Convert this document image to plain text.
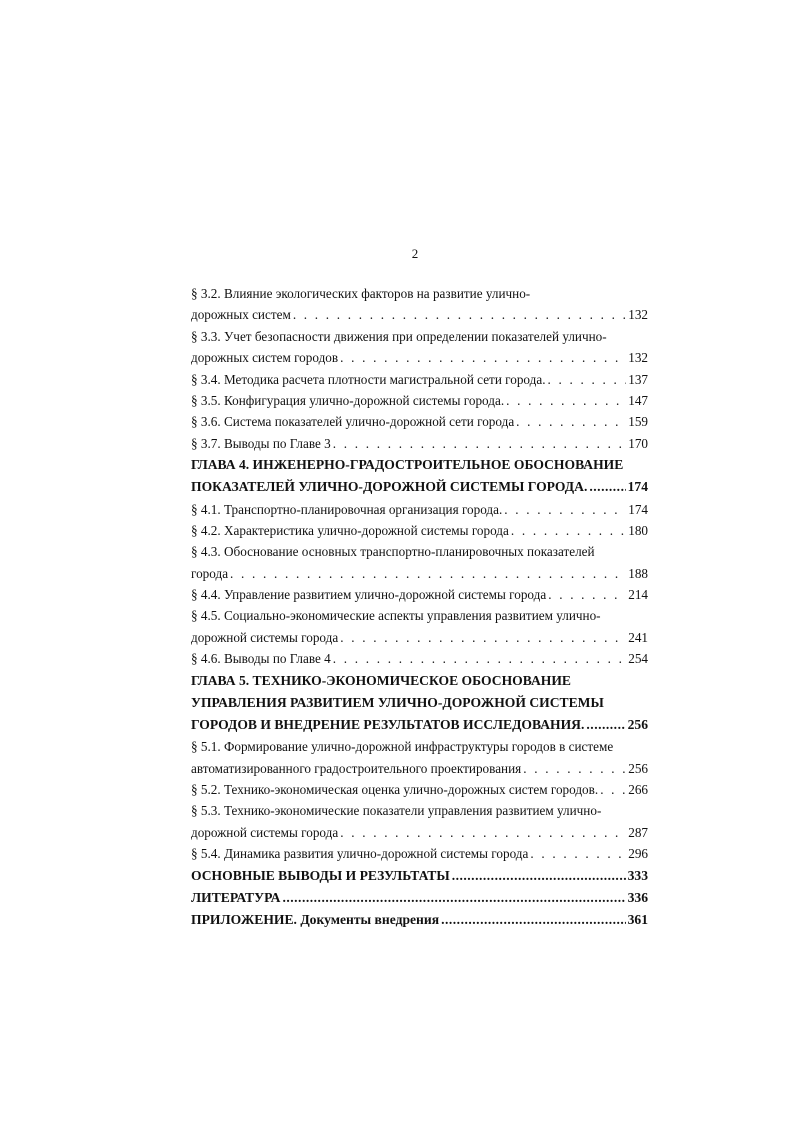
2
§ 3.2. Влияние экологических факторов на развитие улично-
дорожных систем . . .	132
§ 3.3. Учет безопасности движения при определении показателей улично-
дорожных систем городов . . .	132
§ 3.4. Методика расчета плотности магистральной сети города. . . .	137
§ 3.5. Конфигурация улично-дорожной системы города. . . .	147
§ 3.6. Система показателей улично-дорожной сети города . . .	159
§ 3.7. Выводы по Главе 3 . . .	170
ГЛАВА 4. ИНЖЕНЕРНО-ГРАДОСТРОИТЕЛЬНОЕ ОБОСНОВАНИЕ
ПОКАЗАТЕЛЕЙ УЛИЧНО-ДОРОЖНОЙ СИСТЕМЫ ГОРОДА. .....	174
§ 4.1. Транспортно-планировочная организация города. . . .	174
§ 4.2. Характеристика улично-дорожной системы города . . .	180
§ 4.3. Обоснование основных транспортно-планировочных показателей
города . . .	188
§ 4.4. Управление развитием улично-дорожной системы города . . .	214
§ 4.5. Социально-экономические аспекты управления развитием улично-
дорожной системы города . . .	241
§ 4.6. Выводы по Главе 4 . . .	254
ГЛАВА 5. ТЕХНИКО-ЭКОНОМИЧЕСКОЕ ОБОСНОВАНИЕ
УПРАВЛЕНИЯ РАЗВИТИЕМ УЛИЧНО-ДОРОЖНОЙ СИСТЕМЫ
ГОРОДОВ И ВНЕДРЕНИЕ РЕЗУЛЬТАТОВ ИССЛЕДОВАНИЯ. .....	256
§ 5.1. Формирование улично-дорожной инфраструктуры городов в системе
автоматизированного градостроительного проектирования . . .	256
§ 5.2. Технико-экономическая оценка улично-дорожных систем городов. . . . 266
§ 5.3. Технико-экономические показатели управления развитием улично-
дорожной системы города . . .	287
§ 5.4. Динамика развития улично-дорожной системы города . . .	296
ОСНОВНЫЕ ВЫВОДЫ И РЕЗУЛЬТАТЫ .....	333
ЛИТЕРАТУРА .....	336
ПРИЛОЖЕНИЕ. Документы внедрения .....	361
